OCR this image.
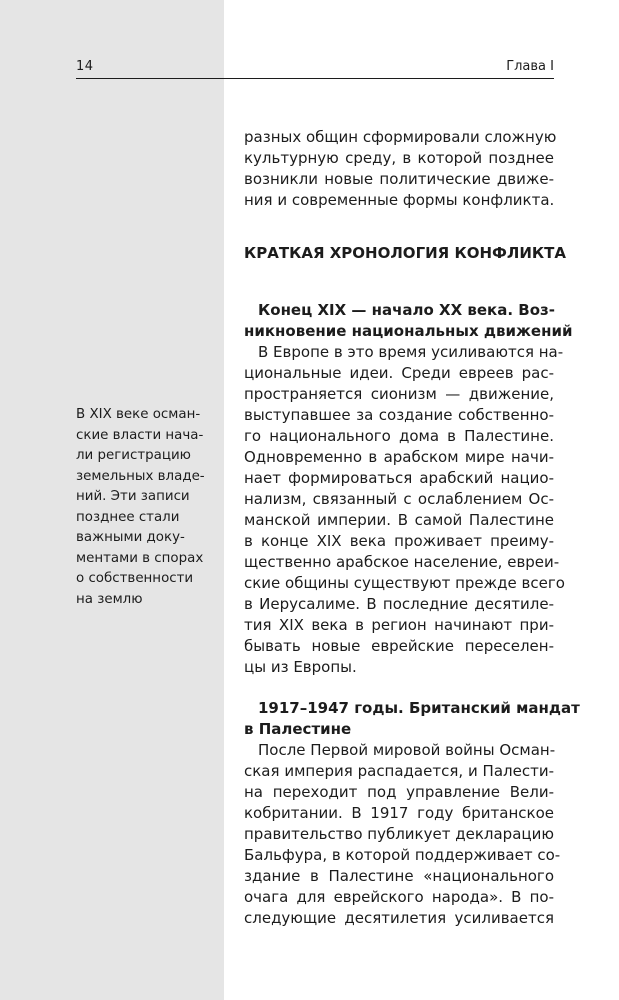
14	Глава I

разных общин сформировали сложную
культурную среду, в которой позднее
возникли новые политические движе-
ния и современные формы конфликта.

КРАТКАЯ ХРОНОЛОГИЯ КОНФЛИКТА

Конец XIX — начало XX века. Воз-
никновение национальных движений

В Европе в это время усиливаются на-
циональные идеи. Среди евреев рас-
пространяется сионизм — движение,
выступавшее за создание собственно-
го национального дома в Палестине.
Одновременно в арабском мире начи-
нает формироваться арабский нацио-
нализм, связанный с ослаблением Ос-
манской империи. В самой Палестине
в конце XIX века проживает преиму-
щественно арабское население, евреи-
ские общины существуют прежде всего
в Иерусалиме. В последние десятиле-
тия XIX века в регион начинают при-
бывать новые еврейские переселен-
цы из Европы.

1917–1947 годы. Британский мандат
в Палестине

После Первой мировой войны Осман-
ская империя распадается, и Палести-
на переходит под управление Вели-
кобритании. В 1917 году британское
правительство публикует декларацию
Бальфура, в которой поддерживает со-
здание в Палестине «национального
очага для еврейского народа». В по-
следующие десятилетия усиливается

В XIX веке осман-
ские власти нача-
ли регистрацию
земельных владе-
ний. Эти записи
позднее стали
важными доку-
ментами в спорах
о собственности
на землю
